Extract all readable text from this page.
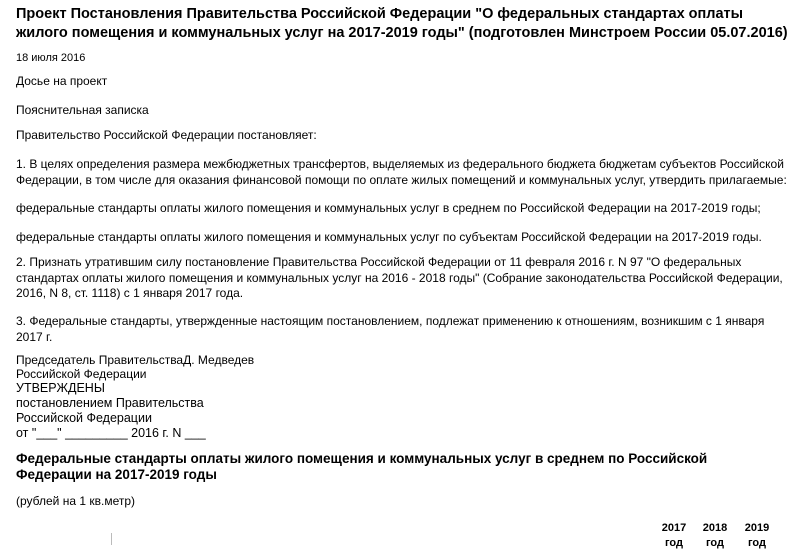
Проект Постановления Правительства Российской Федерации "О федеральных стандартах оплаты жилого помещения и коммунальных услуг на 2017-2019 годы" (подготовлен Минстроем России 05.07.2016)
18 июля 2016

Досье на проект

Пояснительная записка

Правительство Российской Федерации постановляет:

1. В целях определения размера межбюджетных трансфертов, выделяемых из федерального бюджета бюджетам субъектов Российской Федерации, в том числе для оказания финансовой помощи по оплате жилых помещений и коммунальных услуг, утвердить прилагаемые:

федеральные стандарты оплаты жилого помещения и коммунальных услуг в среднем по Российской Федерации на 2017-2019 годы;

федеральные стандарты оплаты жилого помещения и коммунальных услуг по субъектам Российской Федерации на 2017-2019 годы.

2. Признать утратившим силу постановление Правительства Российской Федерации от 11 февраля 2016 г. N 97 "О федеральных стандартах оплаты жилого помещения и коммунальных услуг на 2016 - 2018 годы" (Собрание законодательства Российской Федерации, 2016, N 8, ст. 1118) с 1 января 2017 года.

3. Федеральные стандарты, утвержденные настоящим постановлением, подлежат применению к отношениям, возникшим с 1 января 2017 г.

Председатель Правительства Д. Медведев
Российской Федерации
УТВЕРЖДЕНЫ
постановлением Правительства
Российской Федерации
от "___" _________ 2016 г. N ___
Федеральные стандарты оплаты жилого помещения и коммунальных услуг в среднем по Российской Федерации на 2017-2019 годы
(рублей на 1 кв.метр)
2017 год
2018 год
2019 год
